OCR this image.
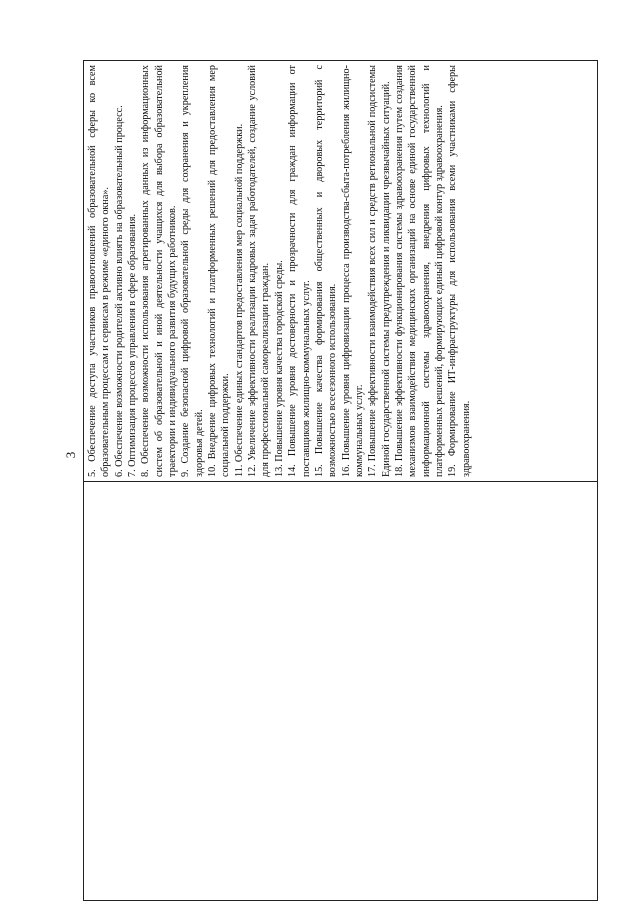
3
	5. Обеспечение доступа участников правоотношений образовательной сферы ко всем образовательным процессам и сервисам в режиме «единого окна». 6. Обеспечение возможности родителей активно влиять на образовательный процесс. 7. Оптимизация процессов управления в сфере образования. 8. Обеспечение возможности использования агрегированных данных из информационных систем об образовательной и иной деятельности учащихся для выбора образовательной траектории и индивидуального развития будущих работников. 9. Создание безопасной цифровой образовательной среды для сохранения и укрепления здоровья детей. 10. Внедрение цифровых технологий и платформенных решений для предоставления мер социальной поддержки. 11. Обеспечение единых стандартов предоставления мер социальной поддержки. 12. Увеличение эффективности реализации кадровых задач работодателей, создание условий для профессиональной самореализации граждан. 13. Повышение уровня качества городской среды. 14. Повышение уровня достоверности и прозрачности для граждан информации от поставщиков жилищно-коммунальных услуг. 15. Повышение качества формирования общественных и дворовых территорий с возможностью всесезонного использования. 16. Повышение уровня цифровизации процесса производства-сбыта-потребления жилищно-коммунальных услуг. 17. Повышение эффективности взаимодействия всех сил и средств региональной подсистемы Единой государственной системы предупреждения и ликвидации чрезвычайных ситуаций. 18. Повышение эффективности функционирования системы здравоохранения путем создания механизмов взаимодействия медицинских организаций на основе единой государственной информационной системы здравоохранения, внедрения цифровых технологий и платформенных решений, формирующих единый цифровой контур здравоохранения. 19. Формирование ИТ-инфраструктуры для использования всеми участниками сферы здравоохранения.
